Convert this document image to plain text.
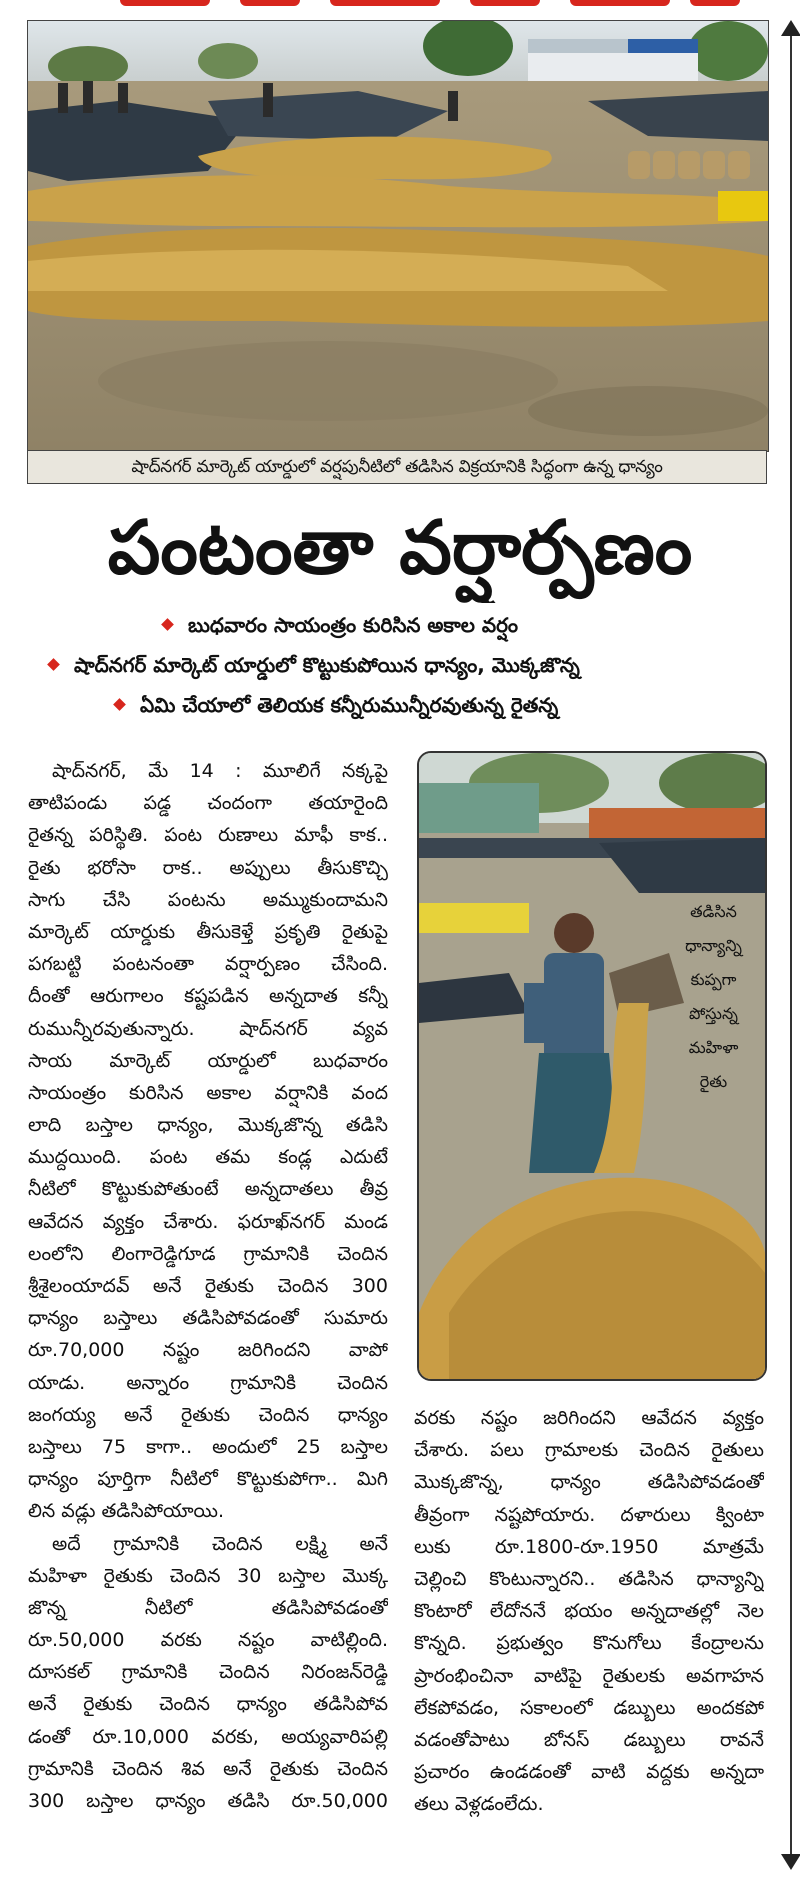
షాద్‌నగర్ మార్కెట్ యార్డులో వర్షపునీటిలో తడిసిన విక్రయానికి సిద్ధంగా ఉన్న ధాన్యం
పంటంతా వర్షార్పణం
బుధవారం సాయంత్రం కురిసిన అకాల వర్షం
షాద్‌నగర్ మార్కెట్ యార్డులో కొట్టుకుపోయిన ధాన్యం, మొక్కజొన్న
ఏమి చేయాలో తెలియక కన్నీరుమున్నీరవుతున్న రైతన్న
తడిసిన
ధాన్యాన్ని
కుప్పగా
పోస్తున్న
మహిళా
రైతు

షాద్‌నగర్, మే 14 : మూలిగే నక్కపై

తాటిపండు పడ్డ చందంగా తయారైంది

రైతన్న పరిస్థితి. పంట రుణాలు మాఫీ కాక..

రైతు భరోసా రాక.. అప్పులు తీసుకొచ్చి

సాగు చేసి పంటను అమ్ముకుందామని

మార్కెట్ యార్డుకు తీసుకెళ్తే ప్రకృతి రైతుపై

పగబట్టి పంటనంతా వర్షార్పణం చేసింది.

దీంతో ఆరుగాలం కష్టపడిన అన్నదాత కన్నీ

రుమున్నీరవుతున్నారు. షాద్‌నగర్ వ్యవ

సాయ మార్కెట్ యార్డులో బుధవారం

సాయంత్రం కురిసిన అకాల వర్షానికి వంద

లాది బస్తాల ధాన్యం, మొక్కజొన్న తడిసి

ముద్దయింది. పంట తమ కండ్ల ఎదుటే

నీటిలో కొట్టుకుపోతుంటే అన్నదాతలు తీవ్ర

ఆవేదన వ్యక్తం చేశారు. ఫరూఖ్‌నగర్ మండ

లంలోని లింగారెడ్డిగూడ గ్రామానికి చెందిన

శ్రీశైలంయాదవ్ అనే రైతుకు చెందిన 300

ధాన్యం బస్తాలు తడిసిపోవడంతో సుమారు

రూ.70,000 నష్టం జరిగిందని వాపో

యాడు. అన్నారం గ్రామానికి చెందిన

జంగయ్య అనే రైతుకు చెందిన ధాన్యం

బస్తాలు 75 కాగా.. అందులో 25 బస్తాల

ధాన్యం పూర్తిగా నీటిలో కొట్టుకుపోగా.. మిగి

లిన వడ్లు తడిసిపోయాయి.

అదే గ్రామానికి చెందిన లక్ష్మి అనే

మహిళా రైతుకు చెందిన 30 బస్తాల మొక్క

జొన్న నీటిలో తడిసిపోవడంతో

రూ.50,000 వరకు నష్టం వాటిల్లింది.

దూసకల్ గ్రామానికి చెందిన నిరంజన్‌రెడ్డి

అనే రైతుకు చెందిన ధాన్యం తడిసిపోవ

డంతో రూ.10,000 వరకు, అయ్యవారిపల్లి

గ్రామానికి చెందిన శివ అనే రైతుకు చెందిన

300 బస్తాల ధాన్యం తడిసి రూ.50,000

వరకు నష్టం జరిగిందని ఆవేదన వ్యక్తం

చేశారు. పలు గ్రామాలకు చెందిన రైతులు

మొక్కజొన్న, ధాన్యం తడిసిపోవడంతో

తీవ్రంగా నష్టపోయారు. దళారులు క్వింటా

లుకు రూ.1800-రూ.1950 మాత్రమే

చెల్లించి కొంటున్నారని.. తడిసిన ధాన్యాన్ని

కొంటారో లేదోననే భయం అన్నదాతల్లో నెల

కొన్నది. ప్రభుత్వం కొనుగోలు కేంద్రాలను

ప్రారంభించినా వాటిపై రైతులకు అవగాహన

లేకపోవడం, సకాలంలో డబ్బులు అందకపో

వడంతోపాటు బోనస్ డబ్బులు రావనే

ప్రచారం ఉండడంతో వాటి వద్దకు అన్నదా

తలు వెళ్లడంలేదు.
